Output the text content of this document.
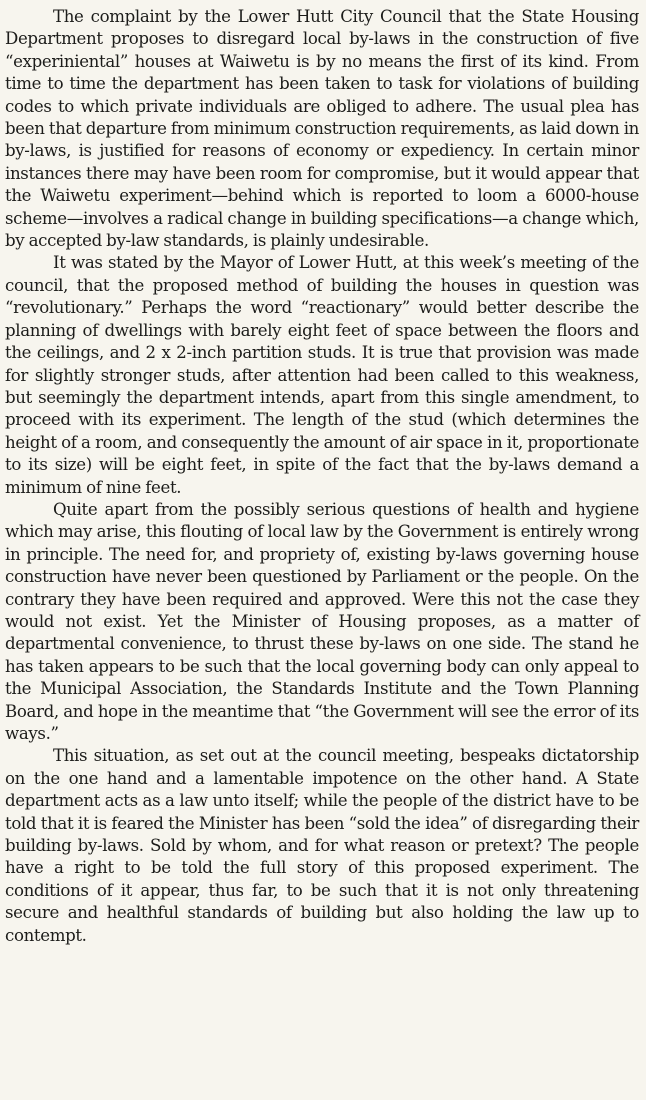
The complaint by the Lower Hutt City Council that the State Housing Department proposes to disregard local by-laws in the construction of five “experiniental” houses at Waiwetu is by no means the first of its kind. From time to time the department has been taken to task for violations of building codes to which private individuals are obliged to adhere. The usual plea has been that departure from minimum construction requirements, as laid down in by-laws, is justified for reasons of economy or expediency. In certain minor instances there may have been room for compromise, but it would appear that the Waiwetu experiment—behind which is reported to loom a 6000-house scheme—involves a radical change in building specifications—a change which, by accepted by-law standards, is plainly undesirable.

It was stated by the Mayor of Lower Hutt, at this week’s meeting of the council, that the proposed method of building the houses in question was “revolutionary.” Perhaps the word “reactionary” would better describe the planning of dwellings with barely eight feet of space between the floors and the ceilings, and 2 x 2-inch partition studs. It is true that provision was made for slightly stronger studs, after attention had been called to this weakness, but seemingly the department intends, apart from this single amendment, to proceed with its experiment. The length of the stud (which determines the height of a room, and consequently the amount of air space in it, proportionate to its size) will be eight feet, in spite of the fact that the by-laws demand a minimum of nine feet.

Quite apart from the possibly serious questions of health and hygiene which may arise, this flouting of local law by the Government is entirely wrong in principle. The need for, and propriety of, existing by-laws governing house construction have never been questioned by Parliament or the people. On the contrary they have been required and approved. Were this not the case they would not exist. Yet the Minister of Housing proposes, as a matter of departmental convenience, to thrust these by-laws on one side. The stand he has taken appears to be such that the local governing body can only appeal to the Municipal Association, the Standards Institute and the Town Planning Board, and hope in the meantime that “the Government will see the error of its ways.”

This situation, as set out at the council meeting, bespeaks dictatorship on the one hand and a lamentable impotence on the other hand. A State department acts as a law unto itself; while the people of the district have to be told that it is feared the Minister has been “sold the idea” of disregarding their building by-laws. Sold by whom, and for what reason or pretext? The people have a right to be told the full story of this proposed experiment. The conditions of it appear, thus far, to be such that it is not only threatening secure and healthful standards of building but also holding the law up to contempt.
